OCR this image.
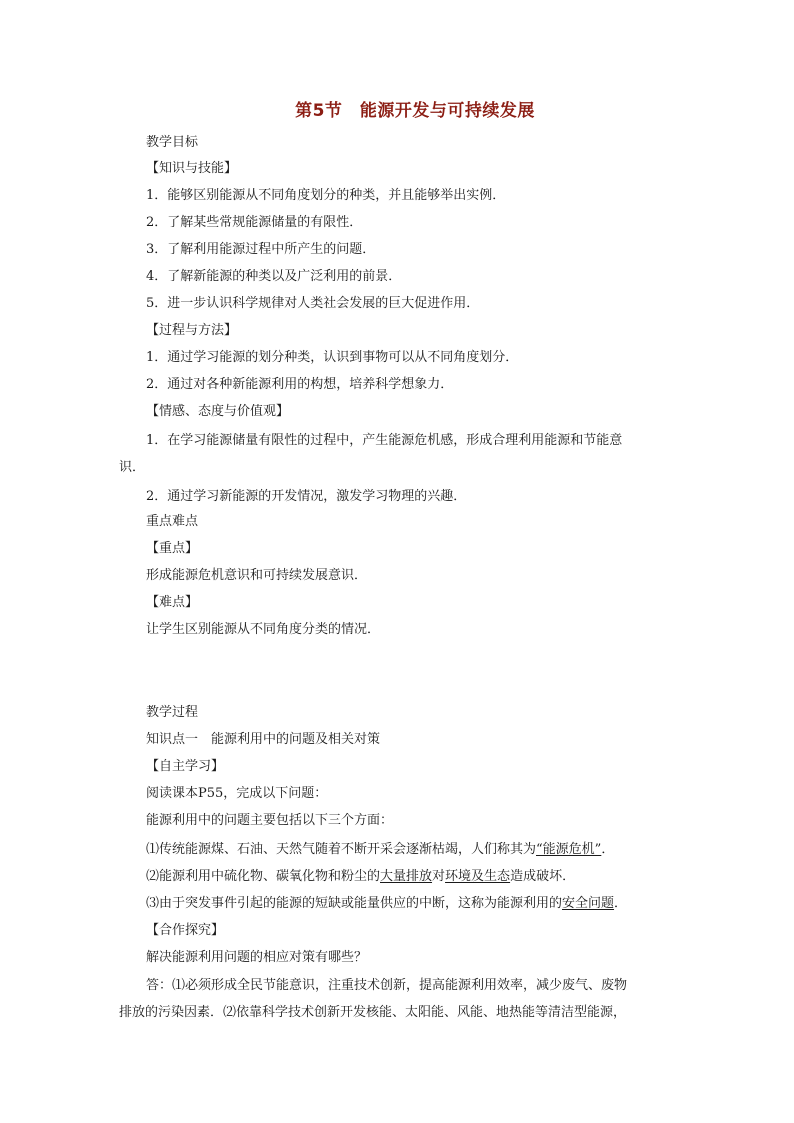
第5节　能源开发与可持续发展
教学目标
【知识与技能】
1．能够区别能源从不同角度划分的种类，并且能够举出实例．
2．了解某些常规能源储量的有限性．
3．了解利用能源过程中所产生的问题．
4．了解新能源的种类以及广泛利用的前景．
5．进一步认识科学规律对人类社会发展的巨大促进作用．
【过程与方法】
1．通过学习能源的划分种类，认识到事物可以从不同角度划分．
2．通过对各种新能源利用的构想，培养科学想象力．
【情感、态度与价值观】
1．在学习能源储量有限性的过程中，产生能源危机感，形成合理利用能源和节能意
识．
2．通过学习新能源的开发情况，激发学习物理的兴趣．
重点难点
【重点】
形成能源危机意识和可持续发展意识．
【难点】
让学生区别能源从不同角度分类的情况．
教学过程
知识点一　能源利用中的问题及相关对策
【自主学习】
阅读课本P55，完成以下问题：
能源利用中的问题主要包括以下三个方面：
⑴传统能源煤、石油、天然气随着不断开采会逐渐枯竭，人们称其为“能源危机”．
⑵能源利用中硫化物、碳氧化物和粉尘的大量排放对环境及生态造成破坏．
⑶由于突发事件引起的能源的短缺或能量供应的中断，这称为能源利用的安全问题．
【合作探究】
解决能源利用问题的相应对策有哪些？
答：⑴必须形成全民节能意识，注重技术创新，提高能源利用效率，减少废气、废物
排放的污染因素．⑵依靠科学技术创新开发核能、太阳能、风能、地热能等清洁型能源，
